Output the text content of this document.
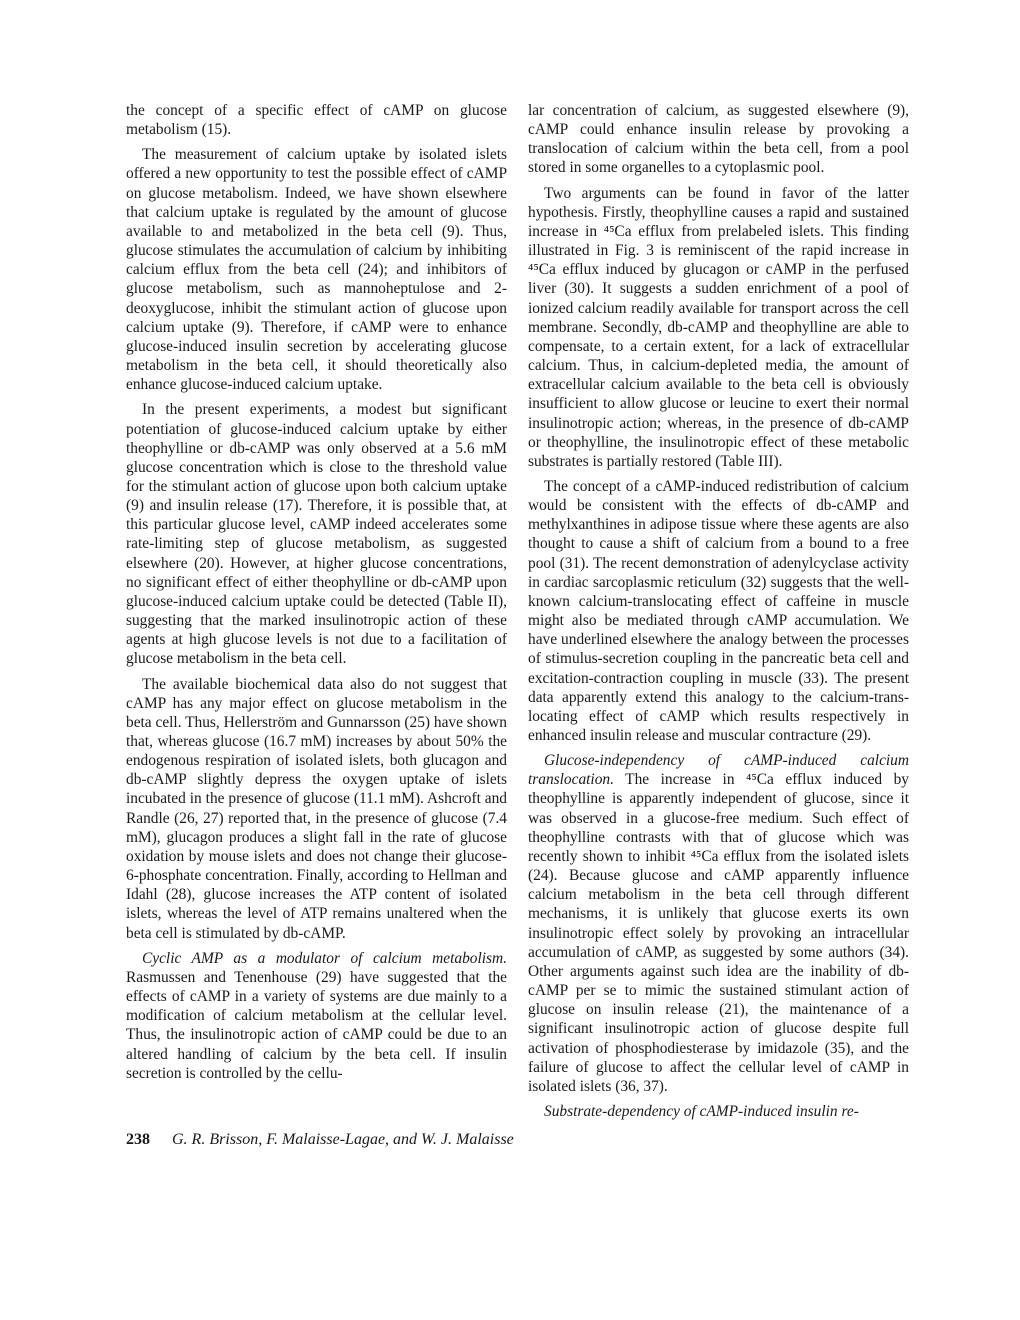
the concept of a specific effect of cAMP on glucose metabolism (15).

The measurement of calcium uptake by isolated islets offered a new opportunity to test the possible effect of cAMP on glucose metabolism. Indeed, we have shown elsewhere that calcium uptake is regulated by the amount of glucose available to and metabolized in the beta cell (9). Thus, glucose stimulates the accumulation of calcium by inhibiting calcium efflux from the beta cell (24); and inhibitors of glucose metabolism, such as mannoheptulose and 2-deoxyglucose, inhibit the stimulant action of glucose upon calcium uptake (9). Therefore, if cAMP were to enhance glucose-induced insulin secretion by accelerating glucose metabolism in the beta cell, it should theoretically also enhance glucose-induced calcium uptake.

In the present experiments, a modest but significant potentiation of glucose-induced calcium uptake by either theophylline or db-cAMP was only observed at a 5.6 mM glucose concentration which is close to the threshold value for the stimulant action of glucose upon both calcium uptake (9) and insulin release (17). Therefore, it is possible that, at this particular glucose level, cAMP indeed accelerates some rate-limiting step of glucose metabolism, as suggested elsewhere (20). However, at higher glucose concentrations, no significant effect of either theophylline or db-cAMP upon glucose-induced calcium uptake could be detected (Table II), suggesting that the marked insulinotropic action of these agents at high glucose levels is not due to a facilitation of glucose metabolism in the beta cell.

The available biochemical data also do not suggest that cAMP has any major effect on glucose metabolism in the beta cell. Thus, Hellerström and Gunnarsson (25) have shown that, whereas glucose (16.7 mM) increases by about 50% the endogenous respiration of isolated islets, both glucagon and db-cAMP slightly depress the oxygen uptake of islets incubated in the presence of glucose (11.1 mM). Ashcroft and Randle (26, 27) reported that, in the presence of glucose (7.4 mM), glucagon produces a slight fall in the rate of glucose oxidation by mouse islets and does not change their glucose-6-phosphate concentration. Finally, according to Hellman and Idahl (28), glucose increases the ATP content of isolated islets, whereas the level of ATP remains unaltered when the beta cell is stimulated by db-cAMP.

Cyclic AMP as a modulator of calcium metabolism. Rasmussen and Tenenhouse (29) have suggested that the effects of cAMP in a variety of systems are due mainly to a modification of calcium metabolism at the cellular level. Thus, the insulinotropic action of cAMP could be due to an altered handling of calcium by the beta cell. If insulin secretion is controlled by the cellu-

lar concentration of calcium, as suggested elsewhere (9), cAMP could enhance insulin release by provoking a translocation of calcium within the beta cell, from a pool stored in some organelles to a cytoplasmic pool.

Two arguments can be found in favor of the latter hypothesis. Firstly, theophylline causes a rapid and sustained increase in ⁴⁵Ca efflux from prelabeled islets. This finding illustrated in Fig. 3 is reminiscent of the rapid increase in ⁴⁵Ca efflux induced by glucagon or cAMP in the perfused liver (30). It suggests a sudden enrichment of a pool of ionized calcium readily available for transport across the cell membrane. Secondly, db-cAMP and theophylline are able to compensate, to a certain extent, for a lack of extracellular calcium. Thus, in calcium-depleted media, the amount of extracellular calcium available to the beta cell is obviously insufficient to allow glucose or leucine to exert their normal insulinotropic action; whereas, in the presence of db-cAMP or theophylline, the insulinotropic effect of these metabolic substrates is partially restored (Table III).

The concept of a cAMP-induced redistribution of calcium would be consistent with the effects of db-cAMP and methylxanthines in adipose tissue where these agents are also thought to cause a shift of calcium from a bound to a free pool (31). The recent demonstration of adenylcyclase activity in cardiac sarcoplasmic reticulum (32) suggests that the well-known calcium-translocating effect of caffeine in muscle might also be mediated through cAMP accumulation. We have underlined elsewhere the analogy between the processes of stimulus-secretion coupling in the pancreatic beta cell and excitation-contraction coupling in muscle (33). The present data apparently extend this analogy to the calcium-translocating effect of cAMP which results respectively in enhanced insulin release and muscular contracture (29).

Glucose-independency of cAMP-induced calcium translocation. The increase in ⁴⁵Ca efflux induced by theophylline is apparently independent of glucose, since it was observed in a glucose-free medium. Such effect of theophylline contrasts with that of glucose which was recently shown to inhibit ⁴⁵Ca efflux from the isolated islets (24). Because glucose and cAMP apparently influence calcium metabolism in the beta cell through different mechanisms, it is unlikely that glucose exerts its own insulinotropic effect solely by provoking an intracellular accumulation of cAMP, as suggested by some authors (34). Other arguments against such idea are the inability of db-cAMP per se to mimic the sustained stimulant action of glucose on insulin release (21), the maintenance of a significant insulinotropic action of glucose despite full activation of phosphodiesterase by imidazole (35), and the failure of glucose to affect the cellular level of cAMP in isolated islets (36, 37).

Substrate-dependency of cAMP-induced insulin re-

238 G. R. Brisson, F. Malaisse-Lagae, and W. J. Malaisse
